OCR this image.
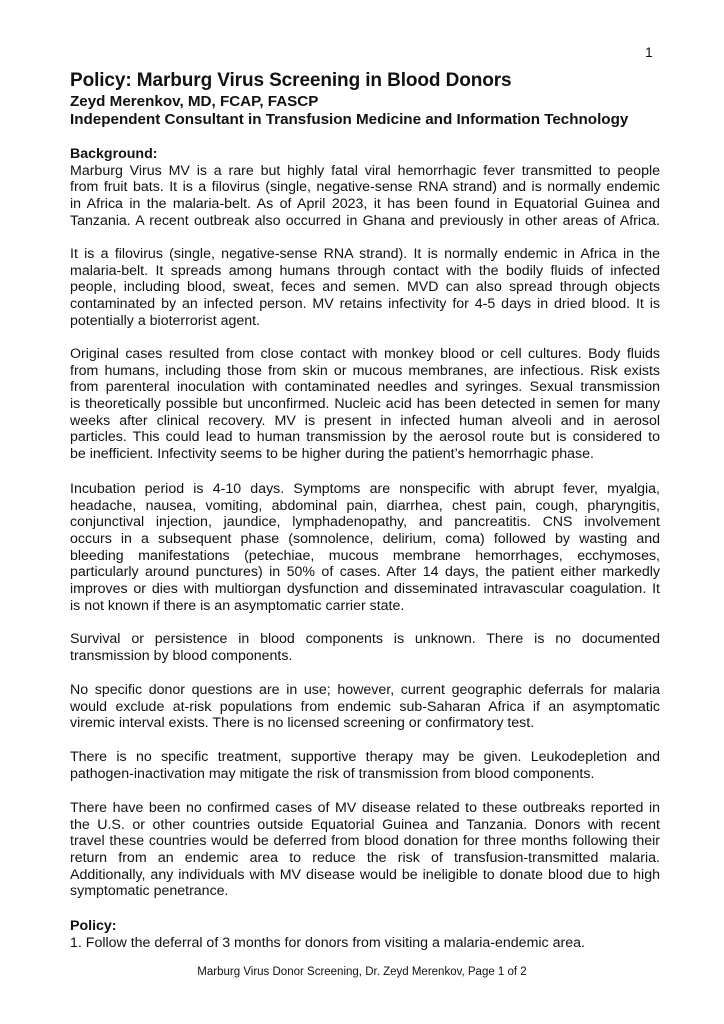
1
Policy: Marburg Virus Screening in Blood Donors
Zeyd Merenkov, MD, FCAP, FASCP
Independent Consultant in Transfusion Medicine and Information Technology
Background:
Marburg Virus MV is a rare but highly fatal viral hemorrhagic fever transmitted to people
from fruit bats. It is a filovirus (single, negative-sense RNA strand) and is normally endemic
in Africa in the malaria-belt. As of April 2023, it has been found in Equatorial Guinea and
Tanzania. A recent outbreak also occurred in Ghana and previously in other areas of Africa.
It is a filovirus (single, negative-sense RNA strand). It is normally endemic in Africa in the
malaria-belt. It spreads among humans through contact with the bodily fluids of infected
people, including blood, sweat, feces and semen. MVD can also spread through objects
contaminated by an infected person. MV retains infectivity for 4-5 days in dried blood. It is
potentially a bioterrorist agent.
Original cases resulted from close contact with monkey blood or cell cultures. Body fluids
from humans, including those from skin or mucous membranes, are infectious. Risk exists
from parenteral inoculation with contaminated needles and syringes. Sexual transmission
is theoretically possible but unconfirmed. Nucleic acid has been detected in semen for many
weeks after clinical recovery. MV is present in infected human alveoli and in aerosol
particles. This could lead to human transmission by the aerosol route but is considered to
be inefficient. Infectivity seems to be higher during the patient’s hemorrhagic phase.
Incubation period is 4-10 days. Symptoms are nonspecific with abrupt fever, myalgia,
headache, nausea, vomiting, abdominal pain, diarrhea, chest pain, cough, pharyngitis,
conjunctival injection, jaundice, lymphadenopathy, and pancreatitis. CNS involvement
occurs in a subsequent phase (somnolence, delirium, coma) followed by wasting and
bleeding manifestations (petechiae, mucous membrane hemorrhages, ecchymoses,
particularly around punctures) in 50% of cases. After 14 days, the patient either markedly
improves or dies with multiorgan dysfunction and disseminated intravascular coagulation. It
is not known if there is an asymptomatic carrier state.
Survival or persistence in blood components is unknown. There is no documented
transmission by blood components.
No specific donor questions are in use; however, current geographic deferrals for malaria
would exclude at-risk populations from endemic sub-Saharan Africa if an asymptomatic
viremic interval exists. There is no licensed screening or confirmatory test.
There is no specific treatment, supportive therapy may be given. Leukodepletion and
pathogen-inactivation may mitigate the risk of transmission from blood components.
There have been no confirmed cases of MV disease related to these outbreaks reported in
the U.S. or other countries outside Equatorial Guinea and Tanzania. Donors with recent
travel these countries would be deferred from blood donation for three months following their
return from an endemic area to reduce the risk of transfusion-transmitted malaria.
Additionally, any individuals with MV disease would be ineligible to donate blood due to high
symptomatic penetrance.
Policy:
1. Follow the deferral of 3 months for donors from visiting a malaria-endemic area.
Marburg Virus Donor Screening, Dr. Zeyd Merenkov, Page 1 of 2
